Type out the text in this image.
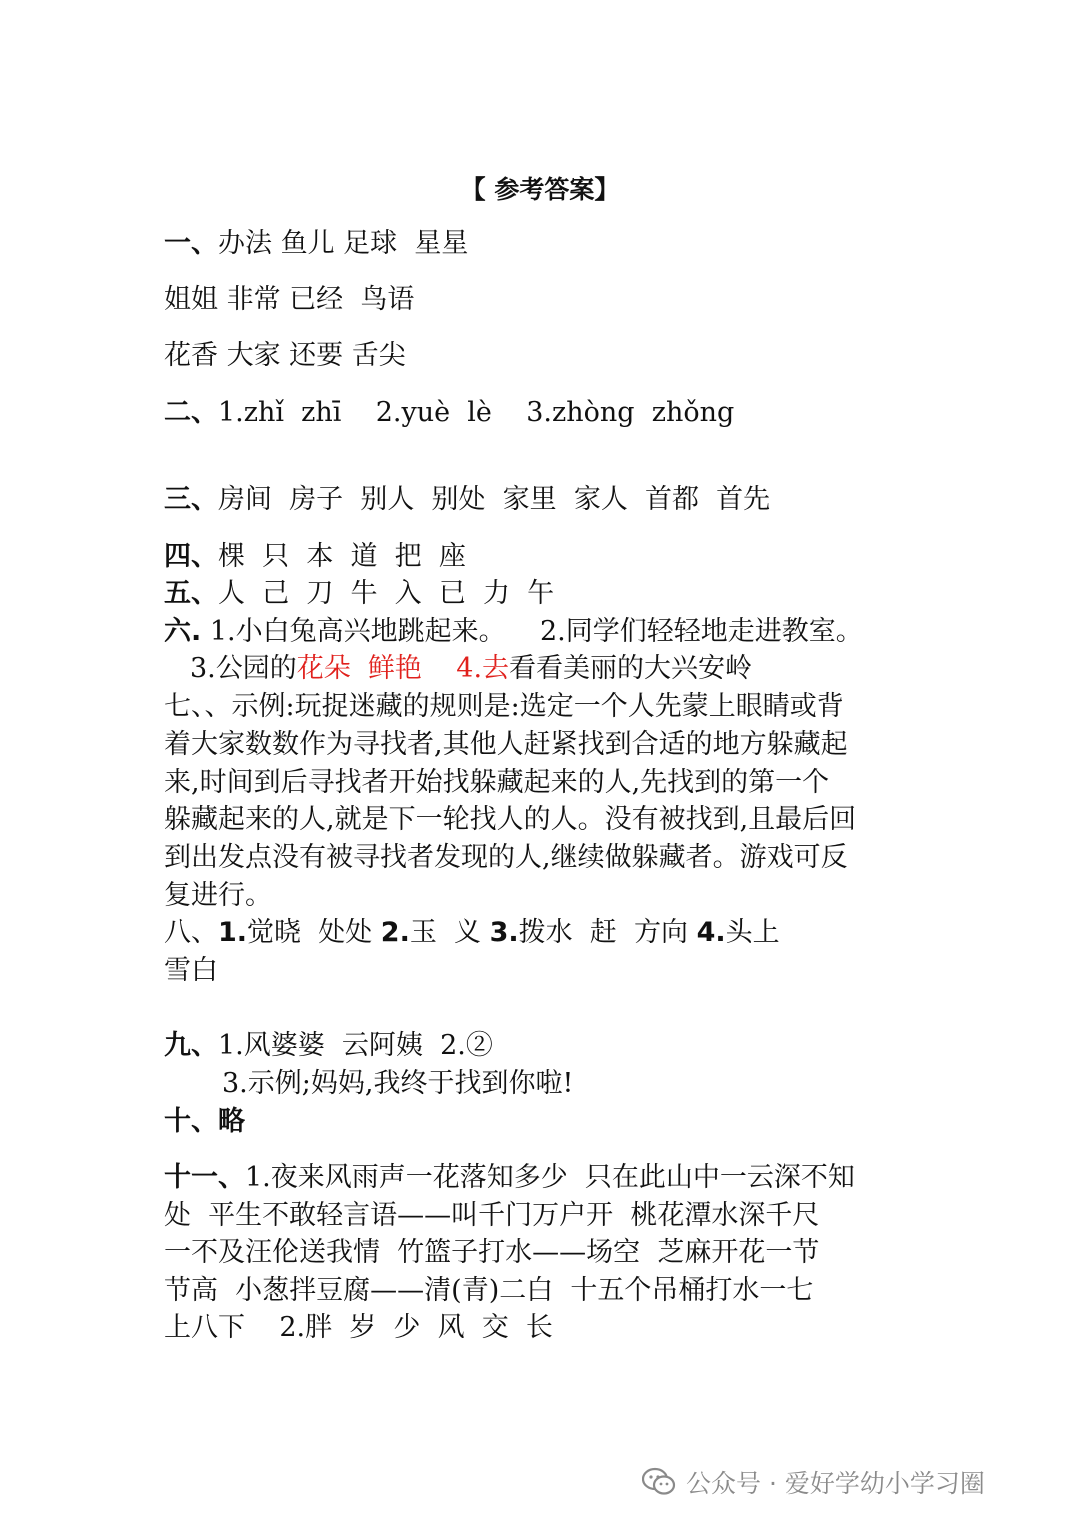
【 参考答案】
一、办法 鱼儿 足球  星星
姐姐 非常 已经  鸟语
花香 大家 还要 舌尖
二、1.zhǐ  zhī    2.yuè  lè    3.zhòng  zhǒng
三、房间  房子  别人  别处  家里  家人  首都  首先
四、棵  只  本  道  把  座
五、人  己  刀  牛  入  已  力  午
六. 1.小白兔高兴地跳起来。    2.同学们轻轻地走进教室。
3.公园的花朵  鲜艳    4.去看看美丽的大兴安岭
七、、示例:玩捉迷藏的规则是:选定一个人先蒙上眼睛或背
着大家数数作为寻找者,其他人赶紧找到合适的地方躲藏起
来,时间到后寻找者开始找躲藏起来的人,先找到的第一个
躲藏起来的人,就是下一轮找人的人。没有被找到,且最后回
到出发点没有被寻找者发现的人,继续做躲藏者。游戏可反
复进行。
八、1.觉晓  处处 2.玉  义 3.拨水  赶  方向 4.头上
雪白
九、1.风婆婆  云阿姨  2.②
3.示例;妈妈,我终于找到你啦!
十、略
十一、1.夜来风雨声一花落知多少  只在此山中一云深不知
处  平生不敢轻言语——叫千门万户开  桃花潭水深千尺
一不及汪伦送我情  竹篮子打水——场空  芝麻开花一节
节高  小葱拌豆腐——清(青)二白  十五个吊桶打水一七
上八下    2.胖  岁  少  风  交  长
公众号 · 爱好学幼小学习圈
